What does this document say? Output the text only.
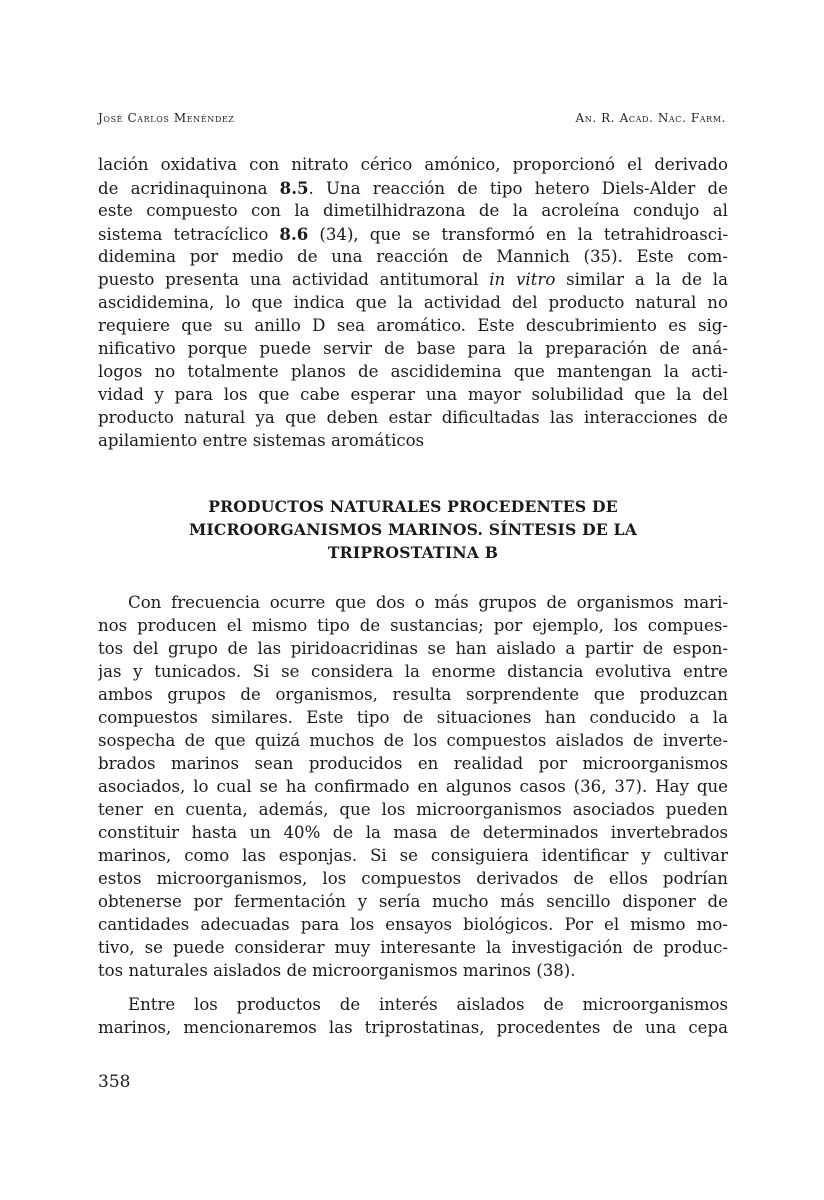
José Carlos Menéndez	An. R. Acad. Nac. Farm.
lación oxidativa con nitrato cérico amónico, proporcionó el derivado
de acridinaquinona 8.5. Una reacción de tipo hetero Diels-Alder de
este compuesto con la dimetilhidrazona de la acroleína condujo al
sistema tetracíclico 8.6 (34), que se transformó en la tetrahidroasci-
didemina por medio de una reacción de Mannich (35). Este com-
puesto presenta una actividad antitumoral in vitro similar a la de la
ascididemina, lo que indica que la actividad del producto natural no
requiere que su anillo D sea aromático. Este descubrimiento es sig-
nificativo porque puede servir de base para la preparación de aná-
logos no totalmente planos de ascididemina que mantengan la acti-
vidad y para los que cabe esperar una mayor solubilidad que la del
producto natural ya que deben estar dificultadas las interacciones de
apilamiento entre sistemas aromáticos
PRODUCTOS NATURALES PROCEDENTES DE
MICROORGANISMOS MARINOS. SÍNTESIS DE LA
TRIPROSTATINA B
Con frecuencia ocurre que dos o más grupos de organismos mari-
nos producen el mismo tipo de sustancias; por ejemplo, los compues-
tos del grupo de las piridoacridinas se han aislado a partir de espon-
jas y tunicados. Si se considera la enorme distancia evolutiva entre
ambos grupos de organismos, resulta sorprendente que produzcan
compuestos similares. Este tipo de situaciones han conducido a la
sospecha de que quizá muchos de los compuestos aislados de inverte-
brados marinos sean producidos en realidad por microorganismos
asociados, lo cual se ha confirmado en algunos casos (36, 37). Hay que
tener en cuenta, además, que los microorganismos asociados pueden
constituir hasta un 40% de la masa de determinados invertebrados
marinos, como las esponjas. Si se consiguiera identificar y cultivar
estos microorganismos, los compuestos derivados de ellos podrían
obtenerse por fermentación y sería mucho más sencillo disponer de
cantidades adecuadas para los ensayos biológicos. Por el mismo mo-
tivo, se puede considerar muy interesante la investigación de produc-
tos naturales aislados de microorganismos marinos (38).
Entre los productos de interés aislados de microorganismos
marinos, mencionaremos las triprostatinas, procedentes de una cepa
358
